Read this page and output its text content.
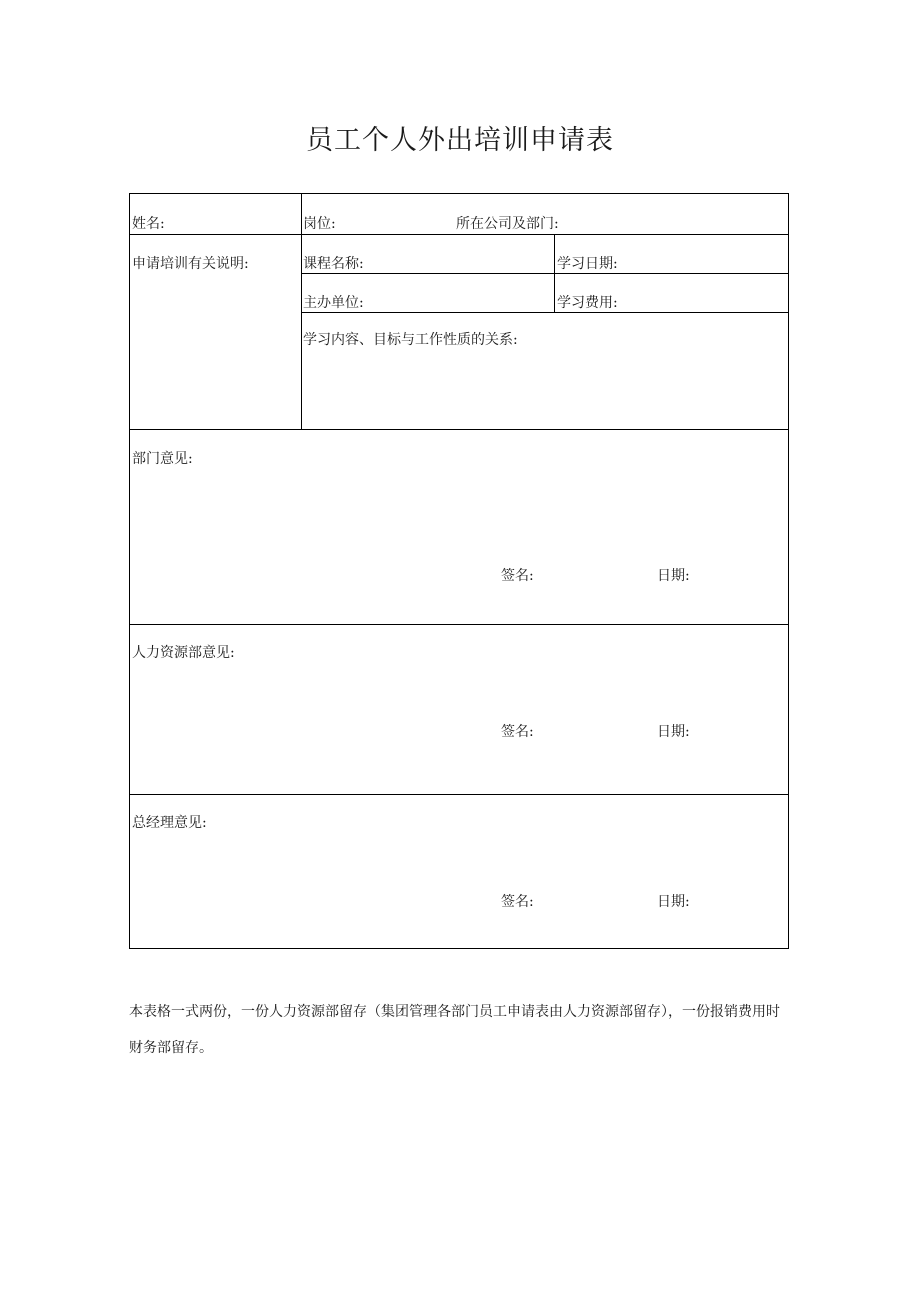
员工个人外出培训申请表
姓名:	岗位:	所在公司及部门:
申请培训有关说明:	课程名称:	学习日期:
主办单位:	学习费用:
学习内容、目标与工作性质的关系:
部门意见:
签名:	日期:
人力资源部意见:
签名:	日期:
总经理意见:
签名:	日期:
本表格一式两份，一份人力资源部留存（集团管理各部门员工申请表由人力资源部留存），一份报销费用时财务部留存。
